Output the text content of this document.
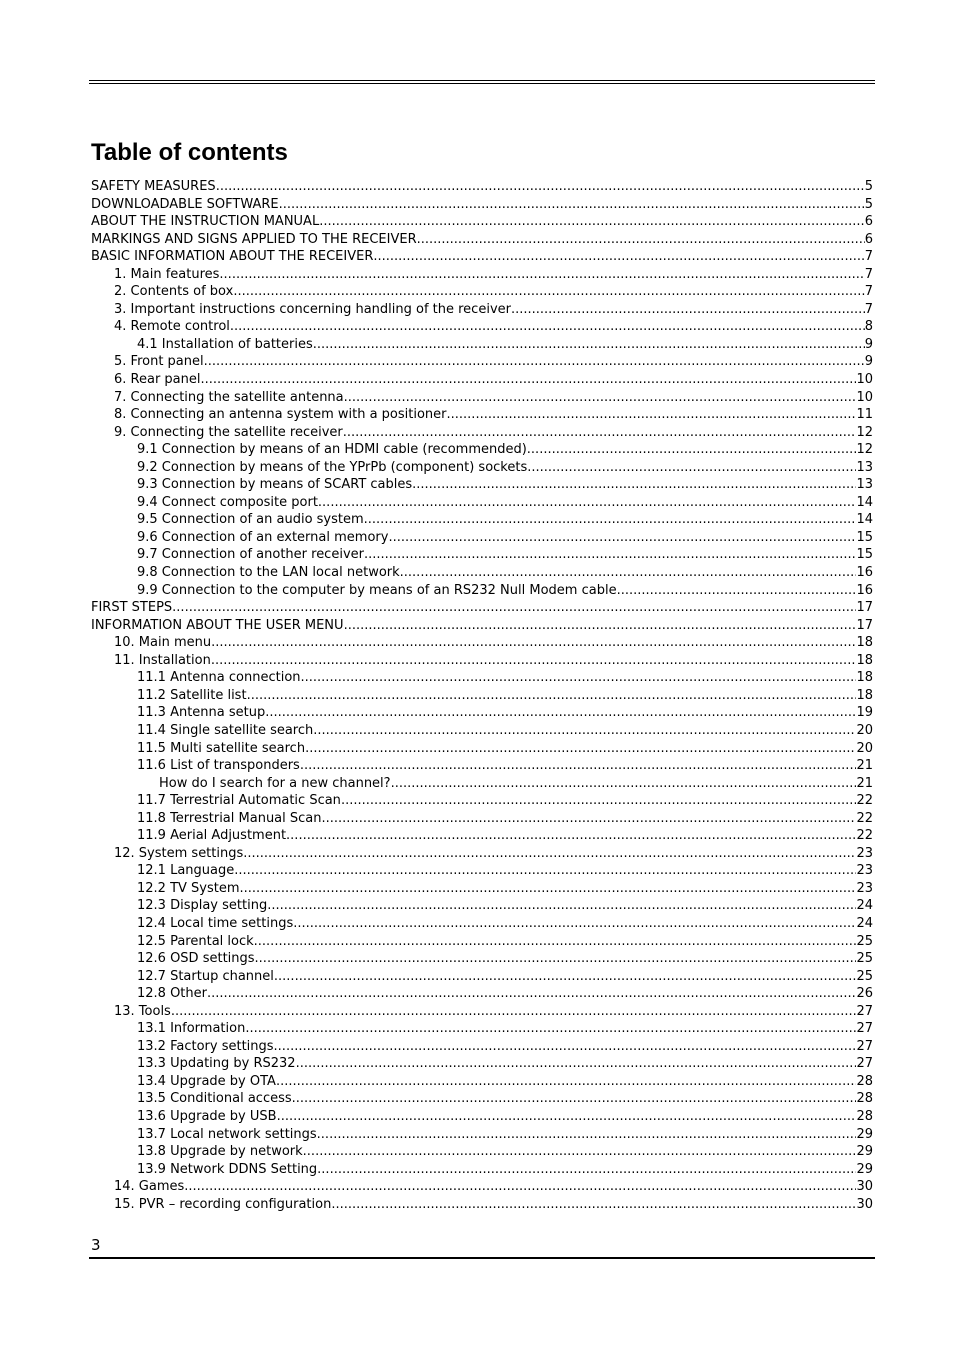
Table of contents
SAFETY MEASURES .....	5
DOWNLOADABLE SOFTWARE .....	5
ABOUT THE INSTRUCTION MANUAL .....	6
MARKINGS AND SIGNS APPLIED TO THE RECEIVER .....	6
BASIC INFORMATION ABOUT THE RECEIVER .....	7
1. Main features .....	7
2. Contents of box .....	7
3. Important instructions concerning handling of the receiver .....	7
4. Remote control .....	8
4.1 Installation of batteries .....	9
5. Front panel .....	9
6. Rear panel .....	10
7. Connecting the satellite antenna .....	10
8. Connecting an antenna system with a positioner .....	11
9. Connecting the satellite receiver .....	12
9.1 Connection by means of an HDMI cable (recommended) .....	12
9.2 Connection by means of the YPrPb (component) sockets .....	13
9.3 Connection by means of SCART cables .....	13
9.4 Connect composite port .....	14
9.5 Connection of an audio system .....	14
9.6 Connection of an external memory .....	15
9.7 Connection of another receiver .....	15
9.8 Connection to the LAN local network .....	16
9.9 Connection to the computer by means of an RS232 Null Modem cable .....	16
FIRST STEPS .....	17
INFORMATION ABOUT THE USER MENU .....	17
10. Main menu .....	18
11. Installation .....	18
11.1 Antenna connection .....	18
11.2 Satellite list .....	18
11.3 Antenna setup .....	19
11.4 Single satellite search .....	20
11.5 Multi satellite search .....	20
11.6 List of transponders .....	21
How do I search for a new channel? .....	21
11.7 Terrestrial Automatic Scan .....	22
11.8 Terrestrial Manual Scan .....	22
11.9 Aerial Adjustment .....	22
12. System settings .....	23
12.1 Language .....	23
12.2 TV System .....	23
12.3 Display setting .....	24
12.4 Local time settings .....	24
12.5 Parental lock .....	25
12.6 OSD settings .....	25
12.7 Startup channel .....	25
12.8 Other .....	26
13. Tools .....	27
13.1 Information .....	27
13.2 Factory settings .....	27
13.3 Updating by RS232 .....	27
13.4 Upgrade by OTA .....	28
13.5 Conditional access .....	28
13.6 Upgrade by USB .....	28
13.7 Local network settings .....	29
13.8 Upgrade by network .....	29
13.9 Network DDNS Setting .....	29
14. Games .....	30
15. PVR – recording configuration .....	30
3
